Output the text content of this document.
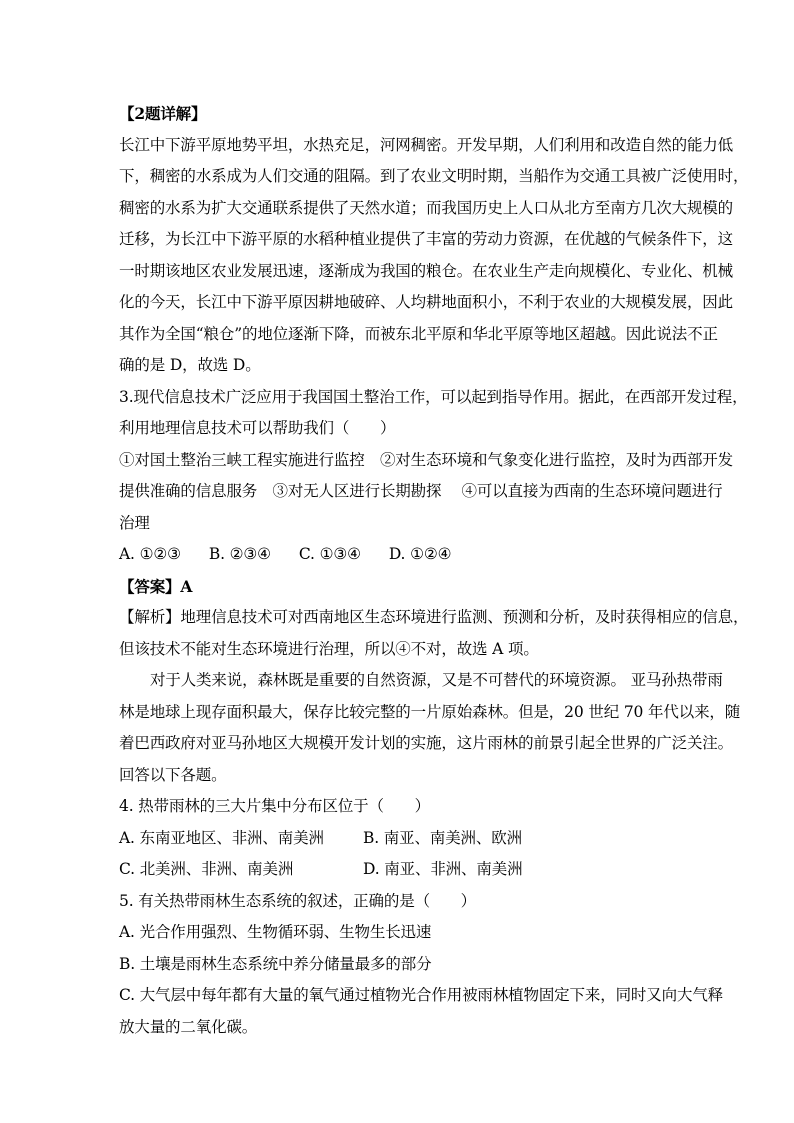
【2题详解】
长江中下游平原地势平坦，水热充足，河网稠密。开发早期，人们利用和改造自然的能力低
下，稠密的水系成为人们交通的阻隔。到了农业文明时期，当船作为交通工具被广泛使用时，
稠密的水系为扩大交通联系提供了天然水道；而我国历史上人口从北方至南方几次大规模的
迁移，为长江中下游平原的水稻种植业提供了丰富的劳动力资源，在优越的气候条件下，这
一时期该地区农业发展迅速，逐渐成为我国的粮仓。在农业生产走向规模化、专业化、机械
化的今天，长江中下游平原因耕地破碎、人均耕地面积小，不利于农业的大规模发展，因此
其作为全国“粮仓”的地位逐渐下降，而被东北平原和华北平原等地区超越。因此说法不正
确的是 D，故选 D。
3.现代信息技术广泛应用于我国国土整治工作，可以起到指导作用。据此，在西部开发过程，
利用地理信息技术可以帮助我们（　　）
①对国土整治三峡工程实施进行监控　②对生态环境和气象变化进行监控，及时为西部开发
提供准确的信息服务　③对无人区进行长期勘探　 ④可以直接为西南的生态环境问题进行
治理
A. ①②③ B. ②③④ C. ①③④ D. ①②④
【答案】A
【解析】地理信息技术可对西南地区生态环境进行监测、预测和分析，及时获得相应的信息，
但该技术不能对生态环境进行治理，所以④不对，故选 A 项。
对于人类来说，森林既是重要的自然资源，又是不可替代的环境资源。 亚马孙热带雨
林是地球上现存面积最大，保存比较完整的一片原始森林。但是，20 世纪 70 年代以来，随
着巴西政府对亚马孙地区大规模开发计划的实施，这片雨林的前景引起全世界的广泛关注。
回答以下各题。
4. 热带雨林的三大片集中分布区位于（　　）
A. 东南亚地区、非洲、南美洲	B. 南亚、南美洲、欧洲
C. 北美洲、非洲、南美洲	D. 南亚、非洲、南美洲
5. 有关热带雨林生态系统的叙述，正确的是（　　）
A. 光合作用强烈、生物循环弱、生物生长迅速
B. 土壤是雨林生态系统中养分储量最多的部分
C. 大气层中每年都有大量的氧气通过植物光合作用被雨林植物固定下来，同时又向大气释
放大量的二氧化碳。
